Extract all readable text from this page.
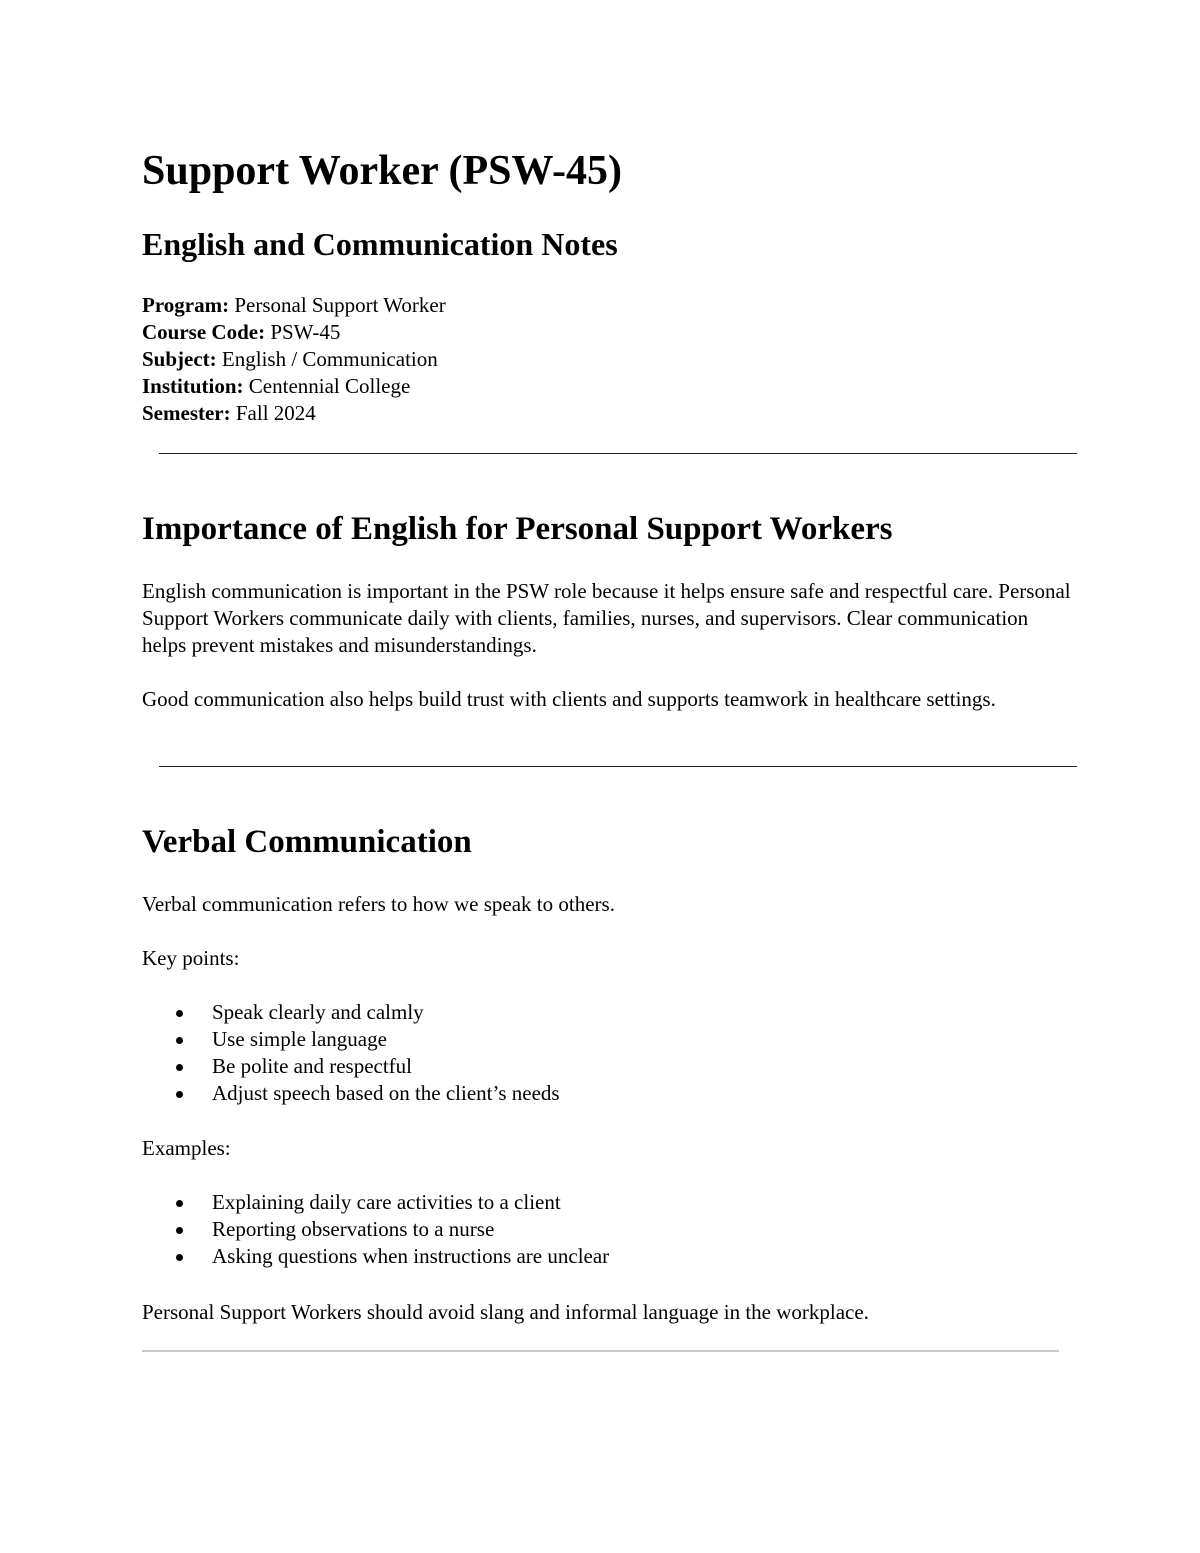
Support Worker (PSW-45)
English and Communication Notes
Program: Personal Support Worker
Course Code: PSW-45
Subject: English / Communication
Institution: Centennial College
Semester: Fall 2024
Importance of English for Personal Support Workers

English communication is important in the PSW role because it helps ensure safe and respectful care. Personal Support Workers communicate daily with clients, families, nurses, and supervisors. Clear communication helps prevent mistakes and misunderstandings.

Good communication also helps build trust with clients and supports teamwork in healthcare settings.

Verbal Communication

Verbal communication refers to how we speak to others.

Key points:

Speak clearly and calmly
Use simple language
Be polite and respectful
Adjust speech based on the client’s needs

Examples:

Explaining daily care activities to a client
Reporting observations to a nurse
Asking questions when instructions are unclear

Personal Support Workers should avoid slang and informal language in the workplace.
